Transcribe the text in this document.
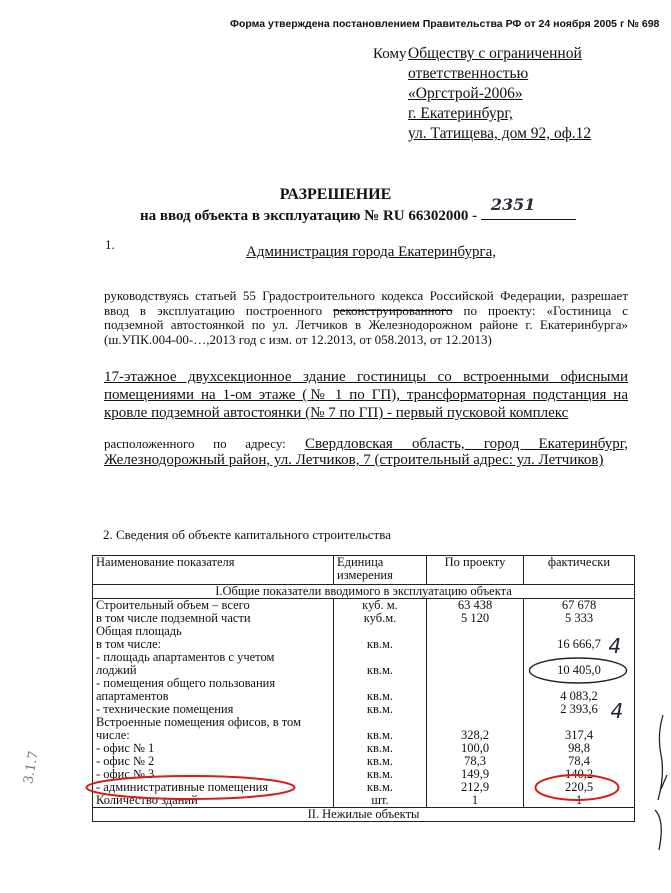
Форма утверждена постановлением Правительства РФ от 24 ноября 2005 г № 698
Кому Обществу с ограниченной
ответственностью
«Оргстрой-2006»
г. Екатеринбург,
ул. Татищева, дом 92, оф.12
РАЗРЕШЕНИЕ
на ввод объекта в эксплуатацию № RU 66302000 -
2351
1.	Администрация города Екатеринбурга,
руководствуясь статьей 55 Градостроительного кодекса Российской Федерации, разрешает ввод в эксплуатацию построенного реконструированного по проекту: «Гостиница с подземной автостоянкой по ул. Летчиков в Железнодорожном районе г. Екатеринбурга» (ш.УПК.004-00-…,2013 год с изм. от 12.2013, от 058.2013, от 12.2013)
17-этажное двухсекционное здание гостиницы со встроенными офисными помещениями на 1-ом этаже (№ 1 по ГП), трансформаторная подстанция на кровле подземной автостоянки (№ 7 по ГП) - первый пусковой комплекс
расположенного по адресу: Свердловская область, город Екатеринбург, Железнодорожный район, ул. Летчиков, 7 (строительный адрес: ул. Летчиков)
2. Сведения об объекте капитального строительства
Наименование показателя	Единица измерения	По проекту	фактически
I.Общие показатели вводимого в эксплуатацию объекта			
Строительный объем – всего	куб. м.	63 438	67 678
в том числе подземной части	куб.м.	5 120	5 333
Общая площадь			
в том числе:	кв.м.		16 666,7
- площадь апартаментов с учетом			
лоджий	кв.м.		10 405,0
- помещения общего пользования			
апартаментов	кв.м.		4 083,2
- технические помещения	кв.м.		2 393,6
Встроенные помещения офисов, в том			
числе:	кв.м.	328,2	317,4
- офис № 1	кв.м.	100,0	98,8
- офис № 2	кв.м.	78,3	78,4
- офис № 3	кв.м.	149,9	140,2
- административные помещения	кв.м.	212,9	220,5
Количество зданий	шт.	1	1
II. Нежилые объекты			
4
4
3.1.7
